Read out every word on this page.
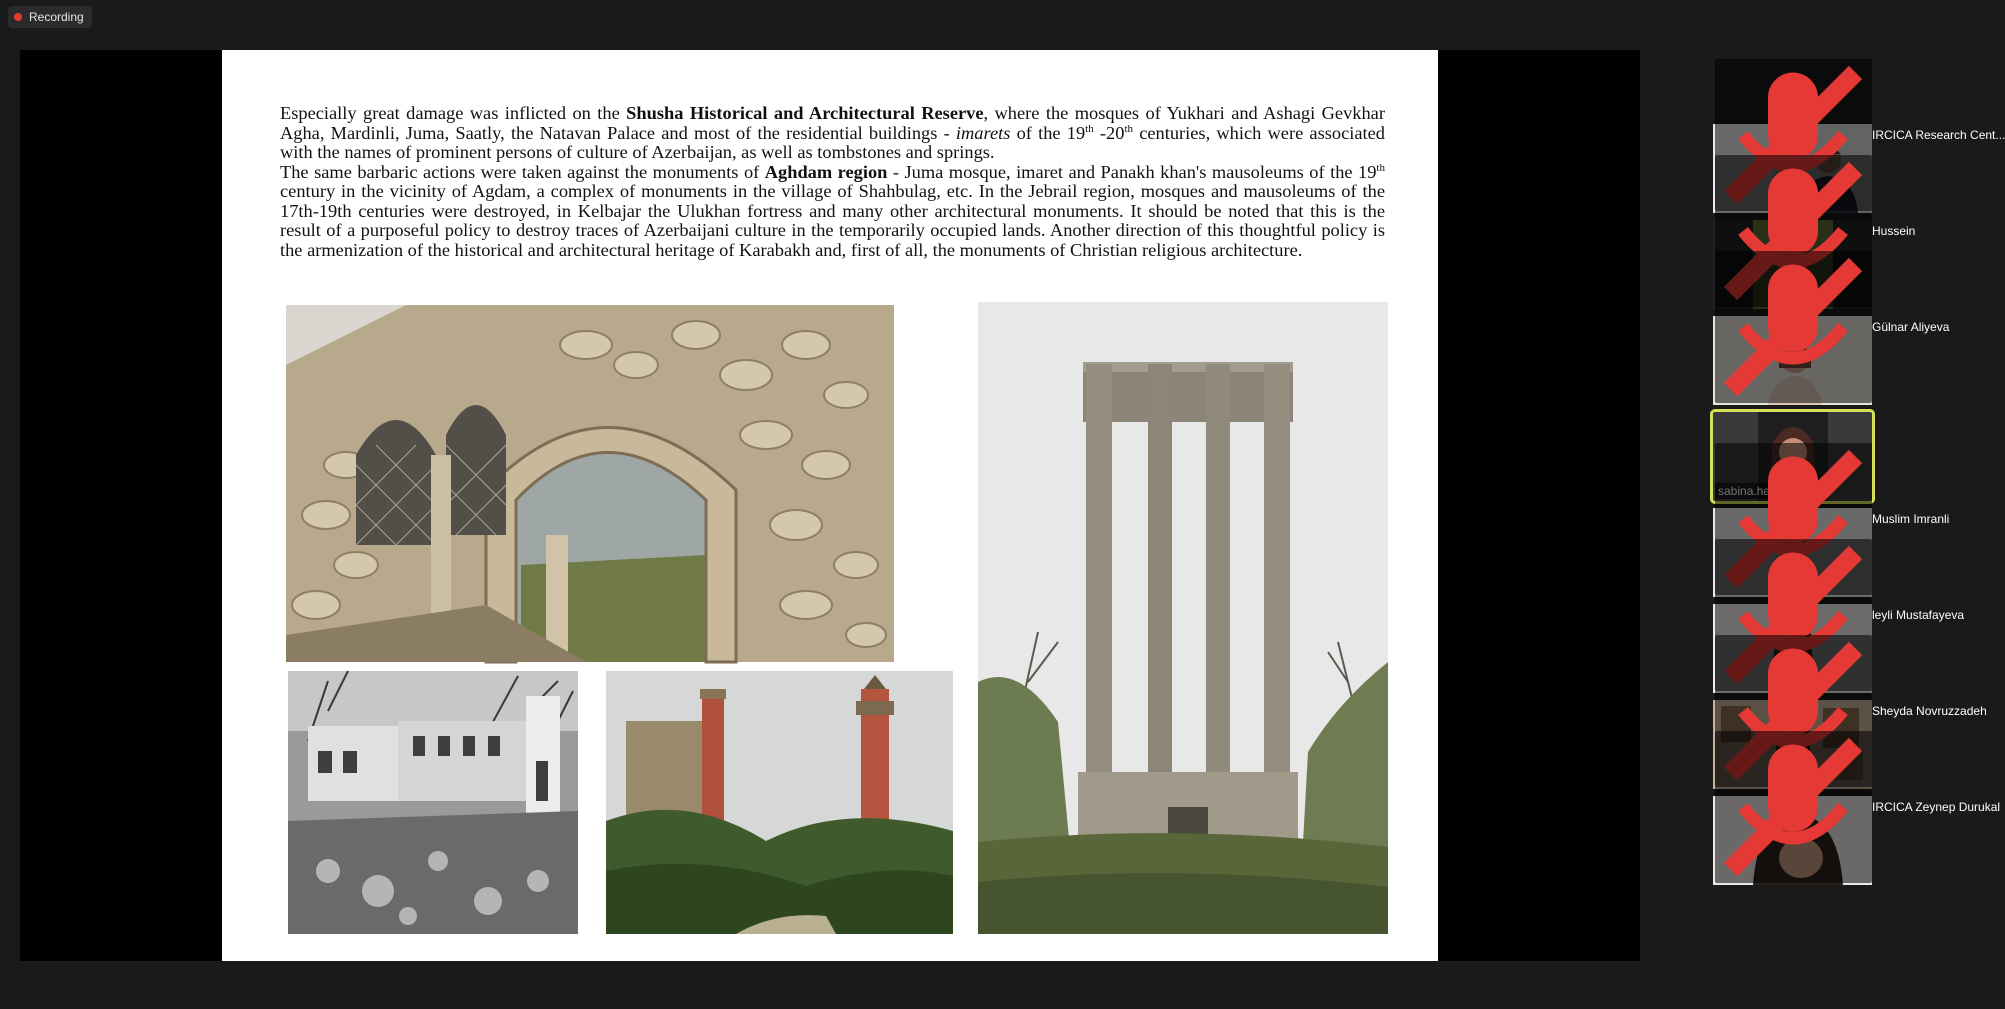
Recording

Especially great damage was inflicted on the Shusha Historical and Architectural Reserve, where the mosques of Yukhari and Ashagi Gevkhar Agha, Mardinli, Juma, Saatly, the Natavan Palace and most of the residential buildings - imarets of the 19th -20th centuries, which were associated with the names of prominent persons of culture of Azerbaijan, as well as tombstones and springs.

The same barbaric actions were taken against the monuments of Aghdam region - Juma mosque, imaret and Panakh khan's mausoleums of the 19th century in the vicinity of Agdam, a complex of monuments in the village of Shahbulag, etc. In the Jebrail region, mosques and mausoleums of the 17th-19th centuries were destroyed, in Kelbajar the Ulukhan fortress and many other architectural monuments. It should be noted that this is the result of a purposeful policy to destroy traces of Azerbaijani culture in the temporarily occupied lands. Another direction of this thoughtful policy is the armenization of the historical and architectural heritage of Karabakh and, first of all, the monuments of Christian religious architecture.

IRCICA Research Cent...
Hussein
Gülnar Aliyeva
Muslim Imranli
leyli Mustafayeva
Sheyda Novruzzadeh
IRCICA Zeynep Durukal
